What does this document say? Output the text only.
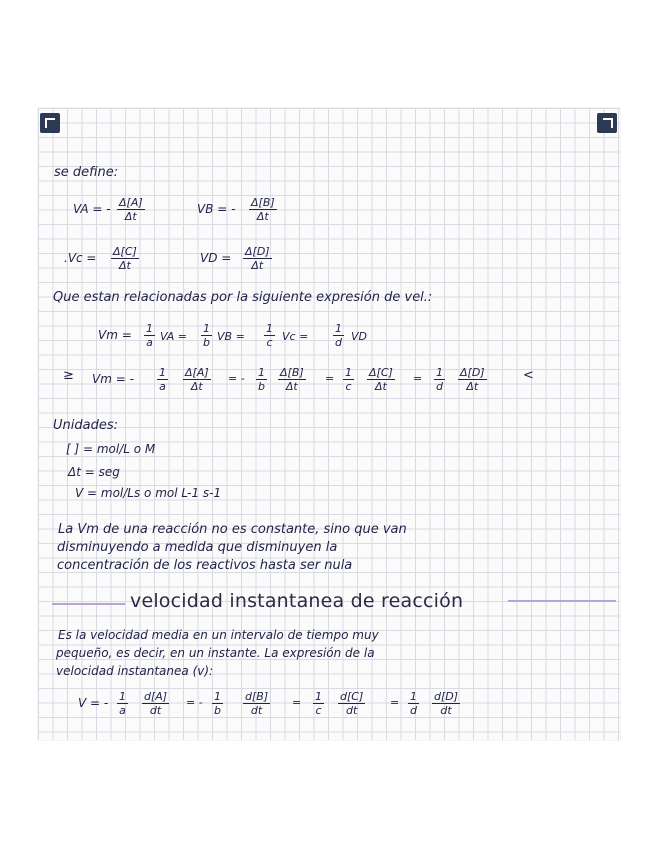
se define:
VA = - $\frac{\Delta[A]}{\Delta t}$	VB = - $\frac{\Delta[B]}{\Delta t}$
$.Vc = \frac{\Delta[C]}{\Delta t}$	VD = $\frac{\Delta[D]}{\Delta t}$
Que estan relacionadas por la siguiente expresión de vel.:
$Vm = \frac{1}{a}$ VA = $\frac{1}{b}$ VB = $\frac{1}{c}$ $Vc = \frac{1}{d}$ VD
≥ Vm = - $\frac{1}{a} \frac{\Delta[A]}{\Delta t}$ = - $\frac{1}{b} \frac{\Delta[B]}{\Delta t} = \frac{1}{c} \frac{\Delta[C]}{\Delta t} = \frac{1}{d} \frac{\Delta[D]}{\Delta t}$	<
Unidades:
[ ] = mol/L o M
Δt = seg
V = mol/Ls o mol L-1 s-1
La Vm de una reacción no es constante, sino que van
disminuyendo a medida que disminuyen la
concentración de los reactivos hasta ser nula
velocidad instantanea de reacción
Es la velocidad media en un intervalo de tiempo muy
pequeño, es decir, en un instante. La expresión de la
velocidad instantanea (v):
V = - $\frac{1}{a} \frac{d[A]}{dt}$ = - $\frac{1}{b} \frac{d[B]}{dt} = \frac{1}{c} \frac{d[C]}{dt} = \frac{1}{d} \frac{d[D]}{dt}$
